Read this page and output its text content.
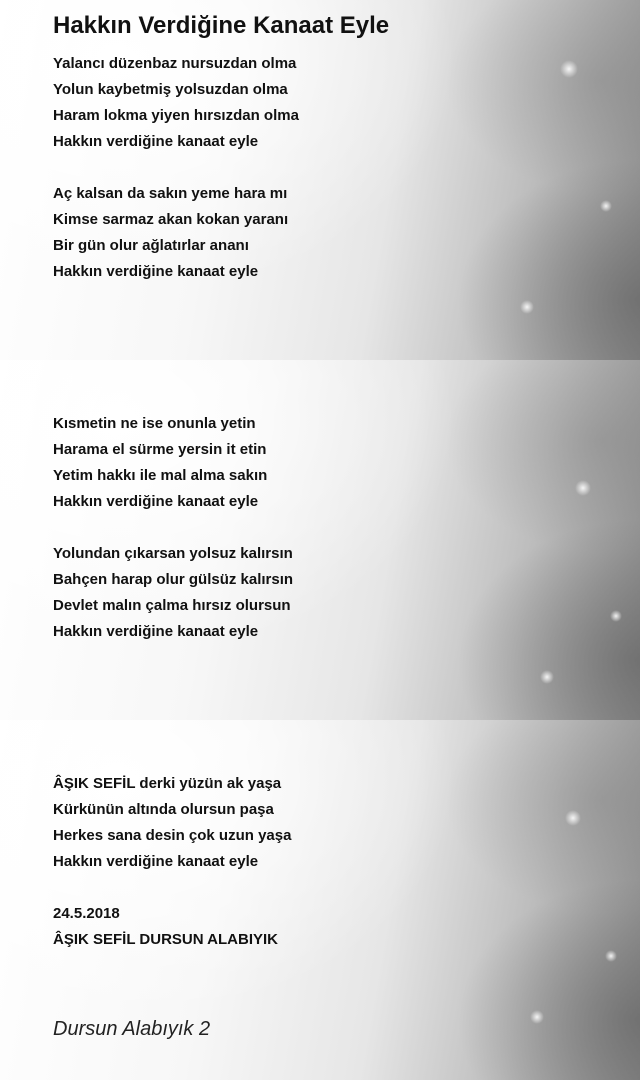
Hakkın Verdiğine Kanaat Eyle
Yalancı düzenbaz nursuzdan olma
Yolun kaybetmiş yolsuzdan olma
Haram lokma yiyen hırsızdan olma
Hakkın verdiğine kanaat eyle
Aç kalsan da sakın yeme hara mı
Kimse sarmaz akan kokan yaranı
Bir gün olur ağlatırlar ananı
Hakkın verdiğine kanaat eyle
Kısmetin ne ise onunla yetin
Harama el sürme yersin it etin
Yetim hakkı ile mal alma sakın
Hakkın verdiğine kanaat eyle
Yolundan çıkarsan yolsuz kalırsın
Bahçen harap olur gülsüz kalırsın
Devlet malın çalma hırsız olursun
Hakkın verdiğine kanaat eyle
ÂŞIK SEFİL derki yüzün ak yaşa
Kürkünün altında olursun paşa
Herkes sana desin çok uzun yaşa
Hakkın verdiğine kanaat eyle
24.5.2018
ÂŞIK SEFİL DURSUN ALABIYIK
Dursun Alabıyık 2
